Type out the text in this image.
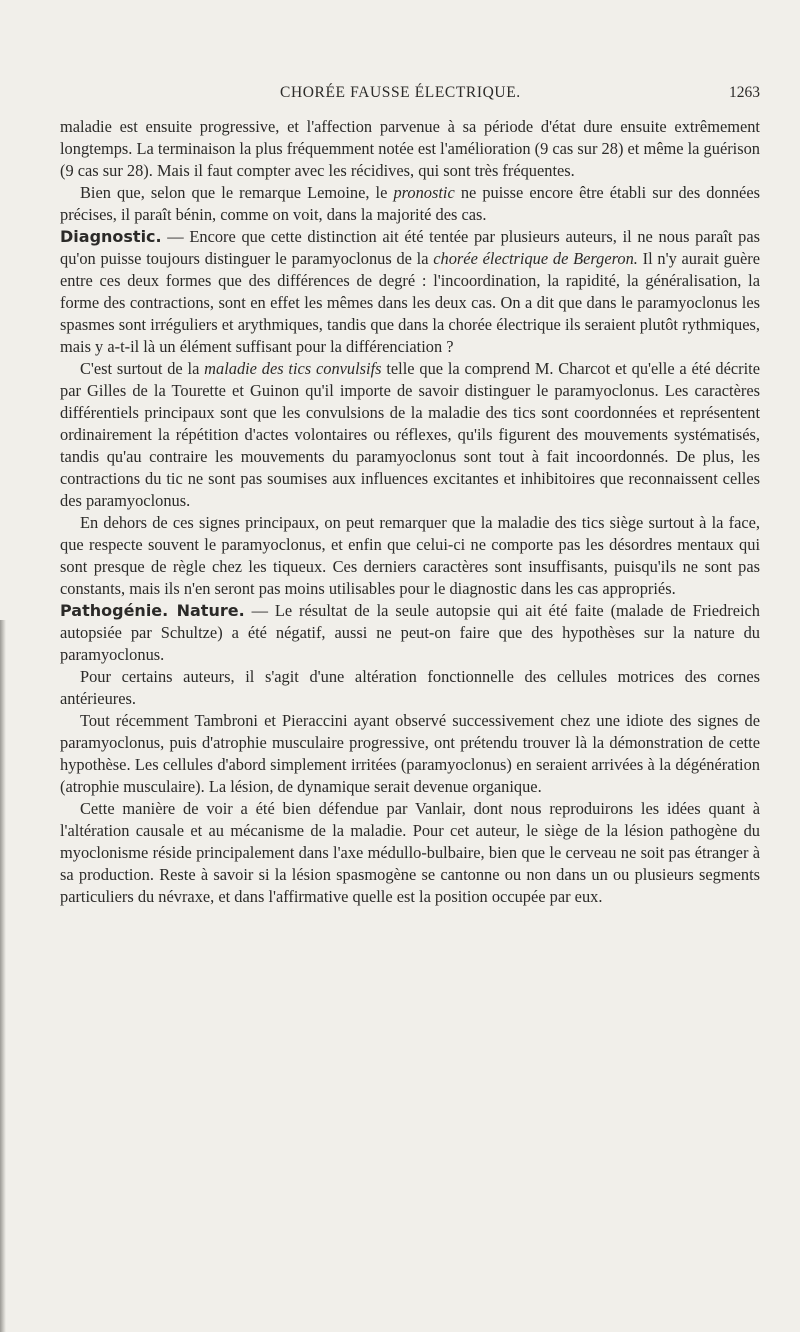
CHORÉE FAUSSE ÉLECTRIQUE.	1263

maladie est ensuite progressive, et l'affection parvenue à sa période d'état dure ensuite extrêmement longtemps. La terminaison la plus fréquemment notée est l'amélioration (9 cas sur 28) et même la guérison (9 cas sur 28). Mais il faut compter avec les récidives, qui sont très fréquentes.

Bien que, selon que le remarque Lemoine, le pronostic ne puisse encore être établi sur des données précises, il paraît bénin, comme on voit, dans la majorité des cas.

Diagnostic. — Encore que cette distinction ait été tentée par plusieurs auteurs, il ne nous paraît pas qu'on puisse toujours distinguer le paramyoclonus de la chorée électrique de Bergeron. Il n'y aurait guère entre ces deux formes que des différences de degré : l'incoordination, la rapidité, la généralisation, la forme des contractions, sont en effet les mêmes dans les deux cas. On a dit que dans le paramyoclonus les spasmes sont irréguliers et arythmiques, tandis que dans la chorée électrique ils seraient plutôt rythmiques, mais y a-t-il là un élément suffisant pour la différenciation ?

C'est surtout de la maladie des tics convulsifs telle que la comprend M. Charcot et qu'elle a été décrite par Gilles de la Tourette et Guinon qu'il importe de savoir distinguer le paramyoclonus. Les caractères différentiels principaux sont que les convulsions de la maladie des tics sont coordonnées et représentent ordinairement la répétition d'actes volontaires ou réflexes, qu'ils figurent des mouvements systématisés, tandis qu'au contraire les mouvements du paramyoclonus sont tout à fait incoordonnés. De plus, les contractions du tic ne sont pas soumises aux influences excitantes et inhibitoires que reconnaissent celles des paramyoclonus.

En dehors de ces signes principaux, on peut remarquer que la maladie des tics siège surtout à la face, que respecte souvent le paramyoclonus, et enfin que celui-ci ne comporte pas les désordres mentaux qui sont presque de règle chez les tiqueux. Ces derniers caractères sont insuffisants, puisqu'ils ne sont pas constants, mais ils n'en seront pas moins utilisables pour le diagnostic dans les cas appropriés.

Pathogénie. Nature. — Le résultat de la seule autopsie qui ait été faite (malade de Friedreich autopsiée par Schultze) a été négatif, aussi ne peut-on faire que des hypothèses sur la nature du paramyoclonus.

Pour certains auteurs, il s'agit d'une altération fonctionnelle des cellules motrices des cornes antérieures.

Tout récemment Tambroni et Pieraccini ayant observé successivement chez une idiote des signes de paramyoclonus, puis d'atrophie musculaire progressive, ont prétendu trouver là la démonstration de cette hypothèse. Les cellules d'abord simplement irritées (paramyoclonus) en seraient arrivées à la dégénération (atrophie musculaire). La lésion, de dynamique serait devenue organique.

Cette manière de voir a été bien défendue par Vanlair, dont nous reproduirons les idées quant à l'altération causale et au mécanisme de la maladie. Pour cet auteur, le siège de la lésion pathogène du myoclonisme réside principalement dans l'axe médullo-bulbaire, bien que le cerveau ne soit pas étranger à sa production. Reste à savoir si la lésion spasmogène se cantonne ou non dans un ou plusieurs segments particuliers du névraxe, et dans l'affirmative quelle est la position occupée par eux.
